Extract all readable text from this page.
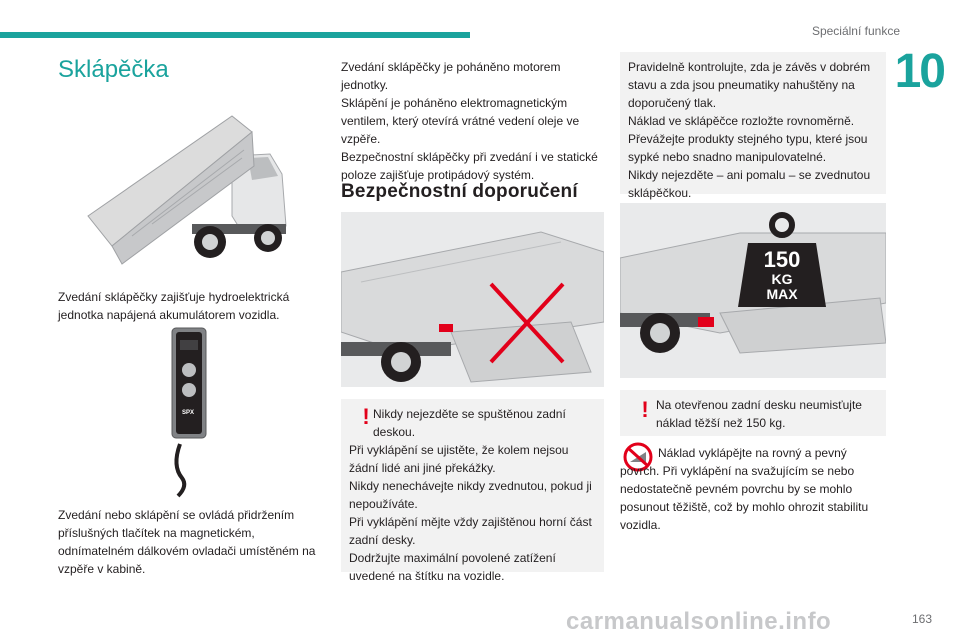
Speciální funkce
10
Sklápěčka

Zvedání sklápěčky zajišťuje hydroelektrická jednotka napájená akumulátorem vozidla.

SPX

Zvedání nebo sklápění se ovládá přidržením příslušných tlačítek na magnetickém, odnímatelném dálkovém ovladači umístěném na vzpěře v kabině.

Zvedání sklápěčky je poháněno motorem jednotky.
Sklápění je poháněno elektromagnetickým ventilem, který otevírá vrátné vedení oleje ve vzpěře.
Bezpečnostní sklápěčky při zvedání i ve statické poloze zajišťuje protipádový systém.
Bezpečnostní doporučení
! Nikdy nejezděte se spuštěnou zadní deskou.
Při vyklápění se ujistěte, že kolem nejsou žádní lidé ani jiné překážky.
Nikdy nenechávejte nikdy zvednutou, pokud ji nepoužíváte.
Při vyklápění mějte vždy zajištěnou horní část zadní desky.
Dodržujte maximální povolené zatížení uvedené na štítku na vozidle.
Pravidelně kontrolujte, zda je závěs v dobrém stavu a zda jsou pneumatiky nahuštěny na doporučený tlak.
Náklad ve sklápěčce rozložte rovnoměrně.
Převážejte produkty stejného typu, které jsou sypké nebo snadno manipulovatelné.
Nikdy nejezděte – ani pomalu – se zvednutou sklápěčkou.
150
KG
MAX
! Na otevřenou zadní desku neumisťujte náklad těžší než 150 kg.

Náklad vyklápějte na rovný a pevný povrch. Při vyklápění na svažujícím se nebo nedostatečně pevném povrchu by se mohlo posunout těžiště, což by mohlo ohrozit stabilitu vozidla.

carmanualsonline.info	163
